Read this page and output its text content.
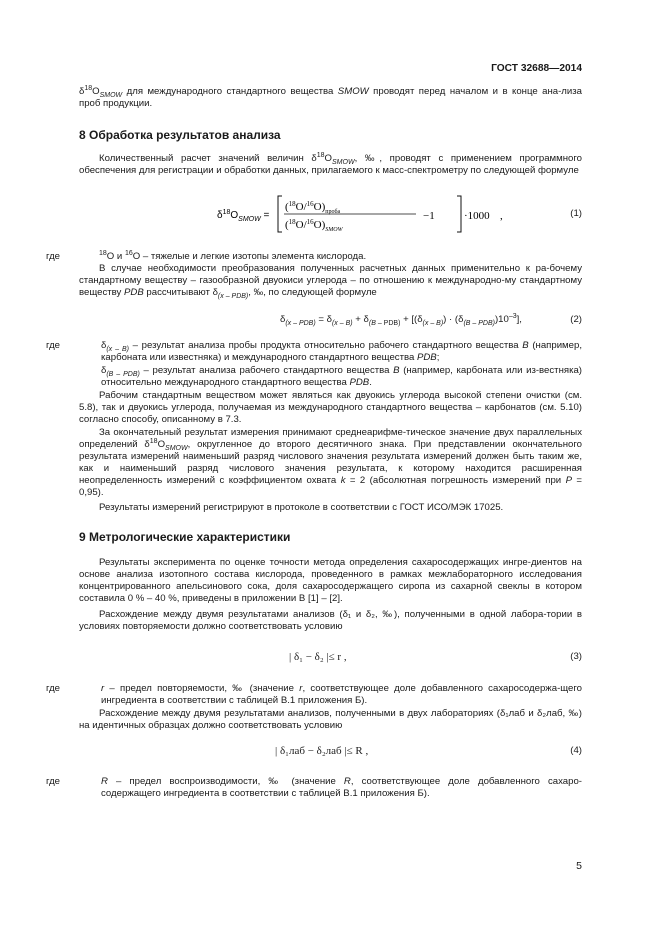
ГОСТ 32688—2014
$\delta^{18}O_{SMOW}$ для международного стандартного вещества SMOW проводят перед началом и в конце ана-лиза проб продукции.
8 Обработка результатов анализа
Количественный расчет значений величин $\delta^{18}O_{SMOW}$, ‰, проводят с применением программного обеспечения для регистрации и обработки данных, прилагаемого к масс-спектрометру по следующей формуле
$\delta^{18}O_{SMOW}$ =
$(^{18}O/^{16}O)_{проба}$
$(^{18}O/^{16}O)_{SMOW}$
−1	·1000 ,	(1)
где	$^{18}$O и $^{16}$O – тяжелые и легкие изотопы элемента кислорода.
В случае необходимости преобразования полученных расчетных данных применительно к ра-бочему стандартному веществу – газообразной двуокиси углерода – по отношению к международно-му стандартному веществу PDB рассчитывают $\delta_{(x - PDB)}$, ‰, по следующей формуле
$\delta_{(x - PDB)} = \delta_{(x - B)} + \delta_{(B - PDB)} + [(\delta_{(x - B)}) \cdot (\delta_{(B - PDB)})10^{-3}]$,	(2)
где	$\delta_{(x - B)}$ – результат анализа пробы продукта относительно рабочего стандартного вещества B (например, карбоната или известняка) и международного стандартного вещества PDB;
$\delta_{(B - PDB)}$ – результат анализа рабочего стандартного вещества B (например, карбоната или из-вестняка) относительно международного стандартного вещества PDB.
Рабочим стандартным веществом может являться как двуокись углерода высокой степени очистки (см. 5.8), так и двуокись углерода, получаемая из международного стандартного вещества – карбонатов (см. 5.10) согласно способу, описанному в 7.3.
За окончательный результат измерения принимают среднеарифме-тическое значение двух параллельных определений $\delta^{18}O_{SMOW}$, округленное до второго десятичного знака. При представлении окончательного результата измерений наименьший разряд числового значения результата измерений должен быть таким же, как и наименьший разряд числового значения результата, к которому находится расширенная неопределенность измерений с коэффициентом охвата k = 2 (абсолютная погрешность измерений при P = 0,95).
Результаты измерений регистрируют в протоколе в соответствии с ГОСТ ИСО/МЭК 17025.
9 Метрологические характеристики
Результаты эксперимента по оценке точности метода определения сахаросодержащих ингре-диентов на основе анализа изотопного состава кислорода, проведенного в рамках межлабораторного исследования концентрированного апельсинового сока, доля сахаросодержащего сиропа из сахарной свеклы в котором составила 0 % – 40 %, приведены в приложении В [1] – [2].
Расхождение между двумя результатами анализов (δ₁ и δ₂, ‰), полученными в одной лабора-тории в условиях повторяемости должно соответствовать условию
| δ₁ − δ₂ |≤ r ,	(3)
где	r – предел повторяемости, ‰ (значение r, соответствующее доле добавленного сахаросодержа-щего ингредиента в соответствии с таблицей В.1 приложения Б).
Расхождение между двумя результатами анализов, полученными в двух лабораториях (δ₁лаб и δ₂лаб, ‰) на идентичных образцах должно соответствовать условию
| δ₁лаб − δ₂лаб |≤ R ,	(4)
где	R – предел воспроизводимости, ‰ (значение R, соответствующее доле добавленного сахаро-содержащего ингредиента в соответствии с таблицей В.1 приложения Б).
5
